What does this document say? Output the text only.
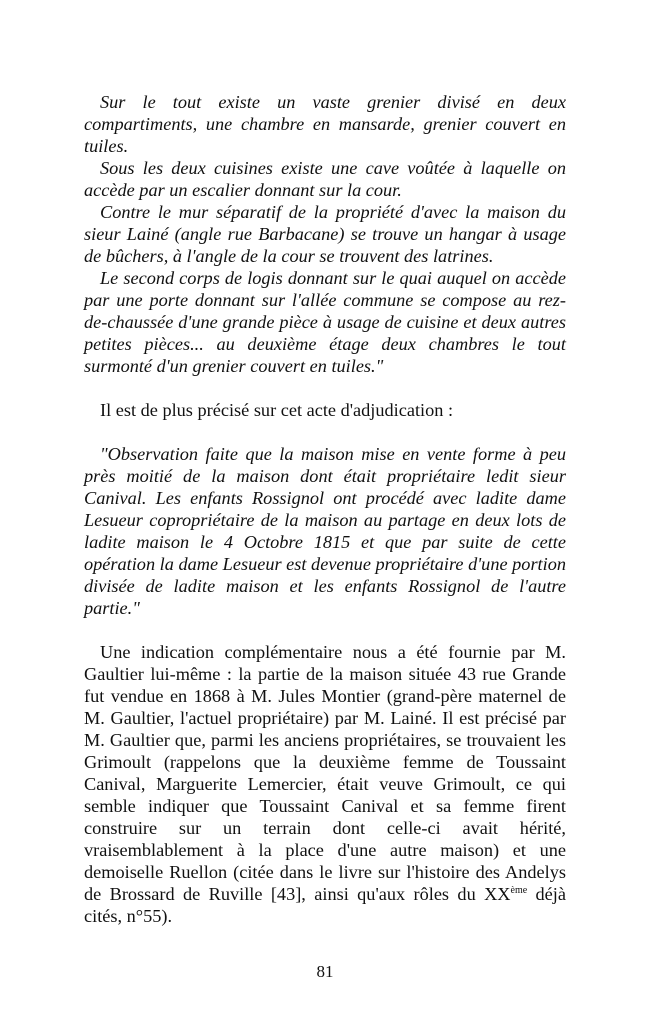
Sur le tout existe un vaste grenier divisé en deux compartiments, une chambre en mansarde, grenier couvert en tuiles.

Sous les deux cuisines existe une cave voûtée à laquelle on accède par un escalier donnant sur la cour.

Contre le mur séparatif de la propriété d'avec la maison du sieur Lainé (angle rue Barbacane) se trouve un hangar à usage de bûchers, à l'angle de la cour se trouvent des latrines.

Le second corps de logis donnant sur le quai auquel on accède par une porte donnant sur l'allée commune se compose au rez-de-chaussée d'une grande pièce à usage de cuisine et deux autres petites pièces... au deuxième étage deux chambres le tout surmonté d'un grenier couvert en tuiles."

Il est de plus précisé sur cet acte d'adjudication :

"Observation faite que la maison mise en vente forme à peu près moitié de la maison dont était propriétaire ledit sieur Canival. Les enfants Rossignol ont procédé avec ladite dame Lesueur copropriétaire de la maison au partage en deux lots de ladite maison le 4 Octobre 1815 et que par suite de cette opération la dame Lesueur est devenue propriétaire d'une portion divisée de ladite maison et les enfants Rossignol de l'autre partie."

Une indication complémentaire nous a été fournie par M. Gaultier lui-même : la partie de la maison située 43 rue Grande fut vendue en 1868 à M. Jules Montier (grand-père maternel de M. Gaultier, l'actuel propriétaire) par M. Lainé. Il est précisé par M. Gaultier que, parmi les anciens propriétaires, se trouvaient les Grimoult (rappelons que la deuxième femme de Toussaint Canival, Marguerite Lemercier, était veuve Grimoult, ce qui semble indiquer que Toussaint Canival et sa femme firent construire sur un terrain dont celle-ci avait hérité, vraisemblablement à la place d'une autre maison) et une demoiselle Ruellon (citée dans le livre sur l'histoire des Andelys de Brossard de Ruville [43], ainsi qu'aux rôles du XXème déjà cités, n°55).

81
